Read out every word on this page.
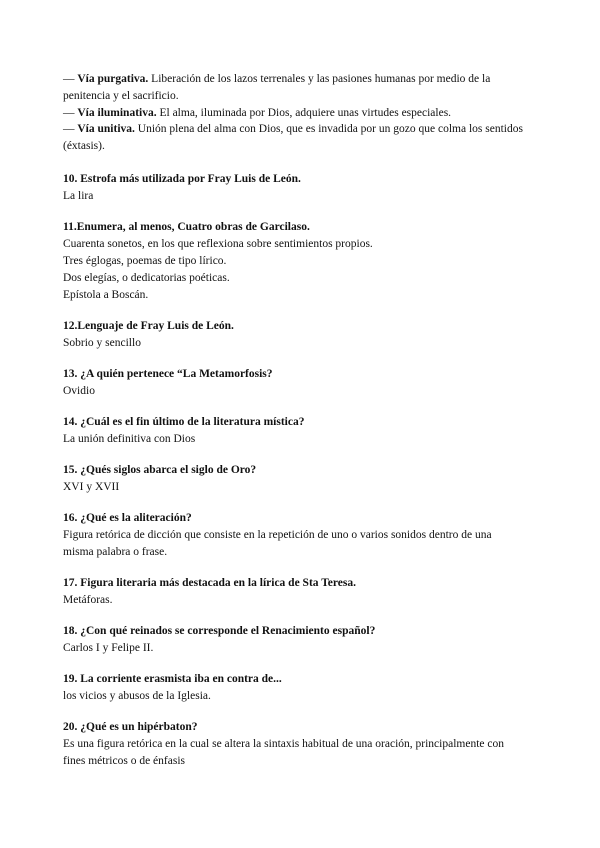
— Vía purgativa. Liberación de los lazos terrenales y las pasiones humanas por medio de la penitencia y el sacrificio.

— Vía iluminativa. El alma, iluminada por Dios, adquiere unas virtudes especiales.

— Vía unitiva. Unión plena del alma con Dios, que es invadida por un gozo que colma los sentidos (éxtasis).

10. Estrofa más utilizada por Fray Luis de León.

La lira

11.Enumera, al menos, Cuatro obras de Garcilaso.

Cuarenta sonetos, en los que reflexiona sobre sentimientos propios.

Tres églogas, poemas de tipo lírico.

Dos elegías, o dedicatorias poéticas.

Epístola a Boscán.

12.Lenguaje de Fray Luis de León.

Sobrio y sencillo

13. ¿A quién pertenece “La Metamorfosis?

Ovidio

14. ¿Cuál es el fin último de la literatura mística?

La unión definitiva con Dios

15. ¿Qués siglos abarca el siglo de Oro?

XVI y XVII

16. ¿Qué es la aliteración?

Figura retórica de dicción que consiste en la repetición de uno o varios sonidos dentro de una misma palabra o frase.

17. Figura literaria más destacada en la lírica de Sta Teresa.

Metáforas.

18. ¿Con qué reinados se corresponde el Renacimiento español?

Carlos I y Felipe II.

19. La corriente erasmista iba en contra de...

los vicios y abusos de la Iglesia.

20. ¿Qué es un hipérbaton?

Es una figura retórica en la cual se altera la sintaxis habitual de una oración, principalmente con fines métricos o de énfasis
